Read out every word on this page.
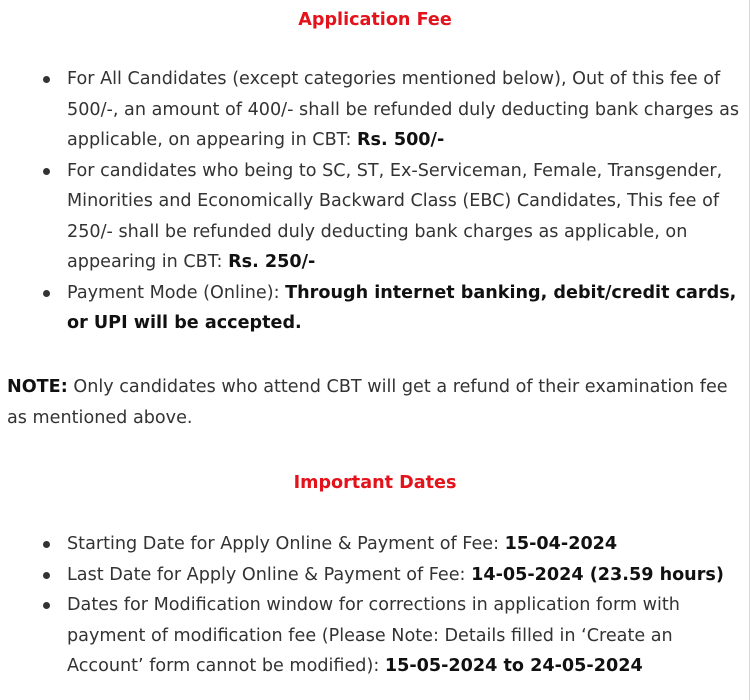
Application Fee
For All Candidates (except categories mentioned below), Out of this fee of 500/-, an amount of 400/- shall be refunded duly deducting bank charges as applicable, on appearing in CBT: Rs. 500/-
For candidates who being to SC, ST, Ex-Serviceman, Female, Transgender, Minorities and Economically Backward Class (EBC) Candidates, This fee of 250/- shall be refunded duly deducting bank charges as applicable, on appearing in CBT: Rs. 250/-
Payment Mode (Online): Through internet banking, debit/credit cards, or UPI will be accepted.

NOTE: Only candidates who attend CBT will get a refund of their examination fee as mentioned above.

Important Dates
Starting Date for Apply Online & Payment of Fee: 15-04-2024
Last Date for Apply Online & Payment of Fee: 14-05-2024 (23.59 hours)
Dates for Modification window for corrections in application form with payment of modification fee (Please Note: Details filled in ‘Create an Account’ form cannot be modified): 15-05-2024 to 24-05-2024
